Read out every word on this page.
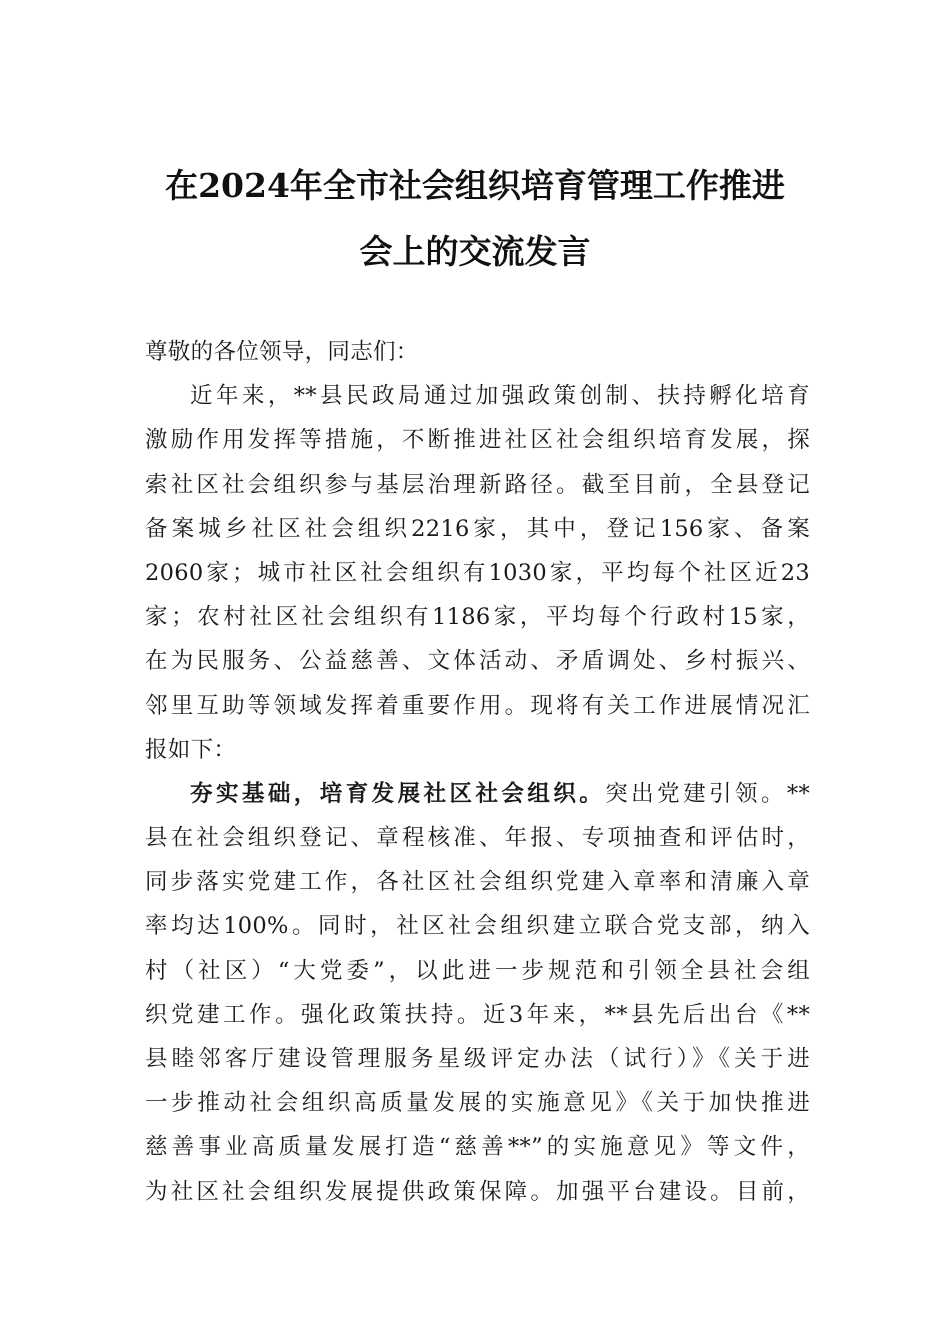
在2024年全市社会组织培育管理工作推进
会上的交流发言
尊敬的各位领导，同志们：
近年来，**县民政局通过加强政策创制、扶持孵化培育
激励作用发挥等措施，不断推进社区社会组织培育发展，探
索社区社会组织参与基层治理新路径。截至目前，全县登记
备案城乡社区社会组织2216家，其中，登记156家、备案
2060家；城市社区社会组织有1030家，平均每个社区近23
家；农村社区社会组织有1186家，平均每个行政村15家，
在为民服务、公益慈善、文体活动、矛盾调处、乡村振兴、
邻里互助等领域发挥着重要作用。现将有关工作进展情况汇
报如下：
夯实基础，培育发展社区社会组织。突出党建引领。**
县在社会组织登记、章程核准、年报、专项抽查和评估时，
同步落实党建工作，各社区社会组织党建入章率和清廉入章
率均达100%。同时，社区社会组织建立联合党支部，纳入
村（社区）“大党委”，以此进一步规范和引领全县社会组
织党建工作。强化政策扶持。近3年来，**县先后出台《**
县睦邻客厅建设管理服务星级评定办法（试行）》《关于进
一步推动社会组织高质量发展的实施意见》《关于加快推进
慈善事业高质量发展打造“慈善**”的实施意见》等文件，
为社区社会组织发展提供政策保障。加强平台建设。目前，
